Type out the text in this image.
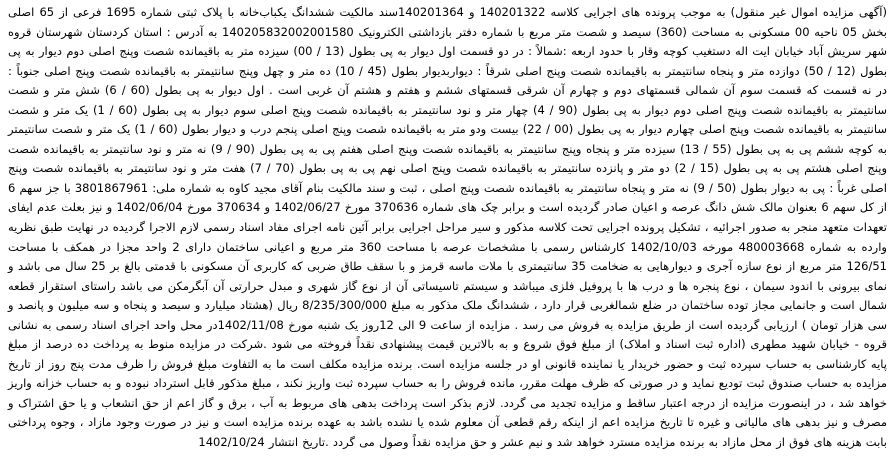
(آگهی مزایده اموال غیر منقول) به موجب پرونده های اجرایی کلاسه 140201322 و 140201364سند مالکیت ششدانگ یکباب‌خانه با پلاک ثبتی شماره 1695 فرعی از 65 اصلی بخش 05 ناحیه 00 مسکونی به مساحت (360) سیصد و شصت متر مربع با شماره دفتر بازداشتی الکترونیک 140205832002001580 به آدرس : استان کردستان شهرستان قروه شهر سریش آباد خیابان ایت اله دستغیب کوچه وقار با حدود اربعه :شمالاً : در دو قسمت اول دیوار به پی بطول (13 / 00) سیزده متر به باقیمانده شصت وپنج اصلی دوم دیوار به پی بطول (12 / 50) دوازده متر و پنجاه سانتیمتر به باقیمانده شصت وپنج اصلی شرقاً : دیواربدیوار بطول (45 / 10) ده متر و چهل وپنج سانتیمتر به باقیمانده شصت وپنج اصلی جنوباً : در نه قسمت که قسمت سوم آن شمالی قسمتهای دوم و چهارم آن شرقی قسمتهای ششم و هفتم و هشتم آن غربی است . اول دیوار به پی بطول (60 / 6) شش متر و شصت سانتیمتر به باقیمانده شصت وپنج اصلی دوم دیوار به پی بطول (90 / 4) چهار متر و نود سانتیمتر به باقیمانده شصت وپنج اصلی سوم دیوار به پی بطول (60 / 1) یک متر و شصت سانتیمتر به باقیمانده شصت وپنج اصلی چهارم دیوار به پی بطول (00 / 22) بیست ودو متر به باقیمانده شصت وپنج اصلی پنجم درب و دیوار بطول (60 / 1) یک متر و شصت سانتیمتر به کوچه ششم پی به پی بطول (55 / 13) سیزده متر و پنجاه وپنج سانتیمتر به باقیمانده شصت وپنج اصلی هفتم پی به پی بطول (90 / 9) نه متر و نود سانتیمتر به باقیمانده شصت وپنج اصلی هشتم پی به پی بطول (15 / 2) دو متر و پانزده سانتیمتر به باقیمانده شصت وپنج اصلی نهم پی به پی بطول (70 / 7) هفت متر و نود سانتیمتر به باقیمانده شصت وپنج اصلی غرباً : پی به دیوار بطول (50 / 9) نه متر و پنجاه سانتیمتر به باقیمانده شصت وپنج اصلی ، ثبت و سند مالکیت بنام آقای مجید کاوه به شماره ملی: 3801867961 با جز سهم 6 از کل سهم 6 بعنوان مالک شش دانگ عرصه و اعیان صادر گردیده است و برابر چک های شماره 370636 مورخ 1402/06/27 و 370634 مورخ 1402/06/04 و نیز بعلت عدم ایفای تعهدات متعهد منجر به صدور اجرائیه ، تشکیل پرونده اجرایی تحت کلاسه مذکور و سیر مراحل اجرایی برابر آئین نامه اجرای مفاد اسناد رسمی لازم الاجرا گردیده در نهایت طبق نظریه وارده به شماره 480003668 مورخه 1402/10/03 کارشناس رسمی با مشخصات عرصه با مساحت 360 متر مربع و اعیانی ساختمان دارای 2 واحد مجزا در همکف با مساحت 126/51 متر مربع از نوع سازه آجری و دیوارهایی به ضخامت 35 سانتیمتری با ملات ماسه قرمز و با سقف طاق ضربی که کاربری آن مسکونی با قدمتی بالغ بر 25 سال می باشد و نمای بیرونی با اندود سیمان ، نوع پنجره ها و درب ها با پروفیل فلزی میباشد و سیستم تاسیساتی آن از نوع گاز شهری و مبدل حرارتی آن آبگرمکن می باشد راستای استقرار قطعه شمال است و جانمایی مجاز توده ساختمان در ضلع شمالغربی قرار دارد ، ششدانگ ملک مذکور به مبلغ 8/235/300/000 ریال (هشتاد میلیارد و سیصد و پنجاه و سه میلیون و پانصد و سی هزار تومان ) ارزیابی گردیده است از طریق مزایده به فروش می رسد . مزایده از ساعت 9 الی 12روز یک شنبه مورخ 1402/11/08در محل واحد اجرای اسناد رسمی به نشانی قروه - خیابان شهید مطهری (اداره ثبت اسناد و املاک) از مبلغ فوق شروع و به بالاترین قیمت پیشنهادی نقداً فروخته می شود .شرکت در مزایده منوط به پرداخت ده درصد از مبلغ پایه کارشناسی به حساب سپرده ثبت و حضور خریدار یا نماینده قانونی او در جلسه مزایده است. برنده مزایده مکلف است ما به التفاوت مبلغ فروش را ظرف مدت پنج روز از تاریخ مزایده به حساب صندوق ثبت تودیع نماید و در صورتی که ظرف مهلت مقرر، مانده فروش را به حساب سپرده ثبت واریز نکند ، مبلغ مذکور قابل استرداد نبوده و به حساب خزانه واریز خواهد شد ، در اینصورت مزایده از درجه اعتبار ساقط و مزایده تجدید می گردد. لازم بذکر است پرداخت بدهی های مربوط به آب ، برق و گاز اعم از حق انشعاب و یا حق اشتراک و مصرف و نیز بدهی های مالیاتی و غیره تا تاریخ مزایده اعم از اینکه رقم قطعی آن معلوم شده یا نشده باشد به عهده برنده مزایده است و نیز در صورت وجود مازاد ، وجوه پرداختی بابت هزینه های فوق از محل مازاد به برنده مزایده مسترد خواهد شد و نیم عشر و حق مزایده نقداً وصول می گردد .تاریخ انتشار 1402/10/24
